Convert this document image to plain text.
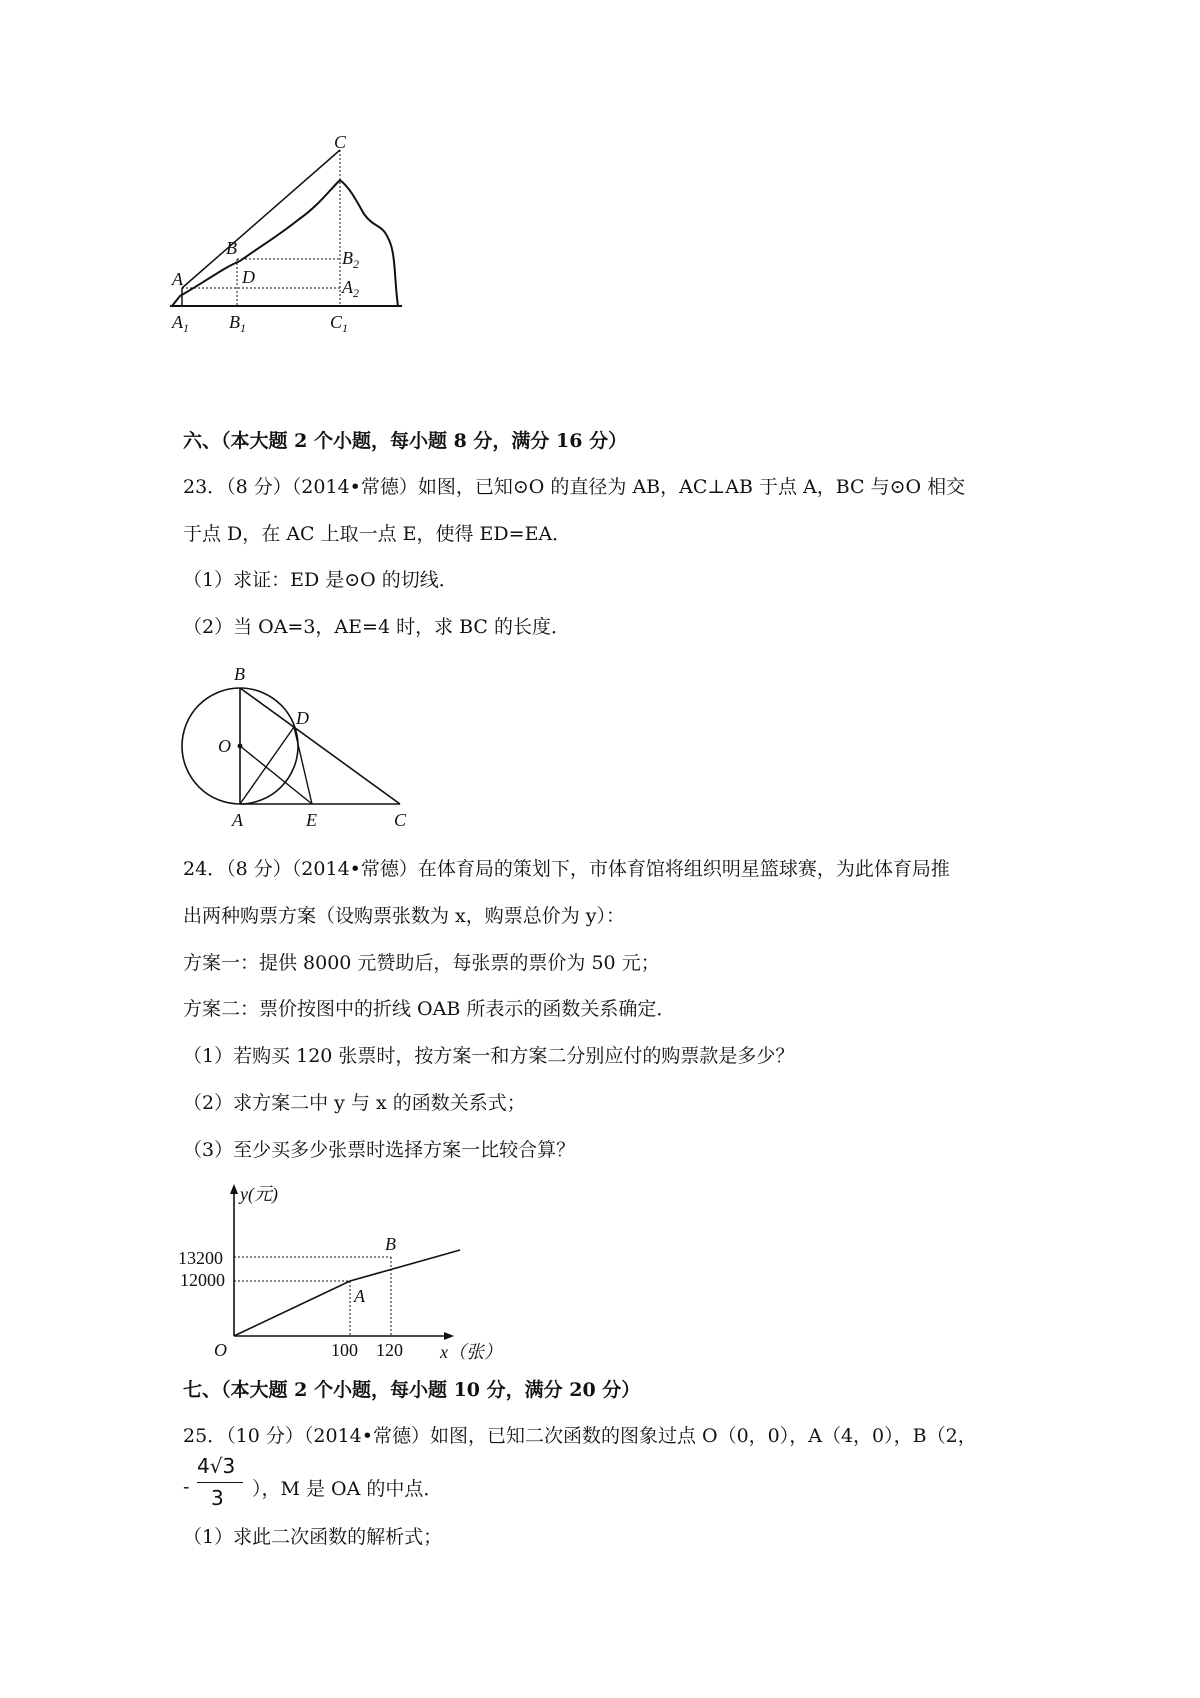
C
B
A	D
$B_2$
$A_2$
$A_1$ $B_1$	$C_1$
六、（本大题 2 个小题，每小题 8 分，满分 16 分）
23．（8 分）（2014•常德）如图，已知⊙O 的直径为 AB，AC⊥AB 于点 A，BC 与⊙O 相交
于点 D，在 AC 上取一点 E，使得 ED=EA．
（1）求证：ED 是⊙O 的切线．
（2）当 OA=3，AE=4 时，求 BC 的长度．
B
D
O
A	E	C
24．（8 分）（2014•常德）在体育局的策划下，市体育馆将组织明星篮球赛，为此体育局推
出两种购票方案（设购票张数为 x，购票总价为 y）：
方案一：提供 8000 元赞助后，每张票的票价为 50 元；
方案二：票价按图中的折线 OAB 所表示的函数关系确定．
（1）若购买 120 张票时，按方案一和方案二分别应付的购票款是多少？
（2）求方案二中 y 与 x 的函数关系式；
（3）至少买多少张票时选择方案一比较合算？
y(元)
13200
12000
B
A
O	100 120 x（张）
七、（本大题 2 个小题，每小题 10 分，满分 20 分）
25．（10 分）（2014•常德）如图，已知二次函数的图象过点 O（0，0），A（4，0），B（2，
-
4√3
3 ），M 是 OA 的中点．
（1）求此二次函数的解析式；
